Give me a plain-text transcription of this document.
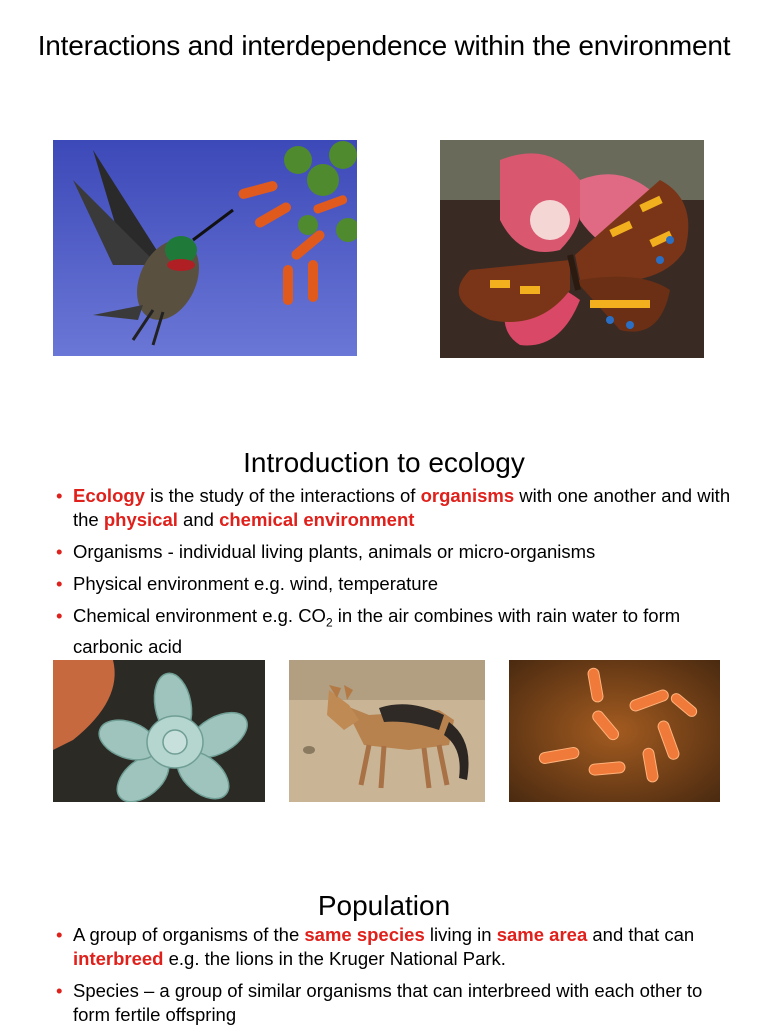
Interactions and interdependence within the environment
Introduction to ecology
• Ecology is the study of the interactions of organisms with one another and with the physical and chemical environment
• Organisms - individual living plants, animals or micro-organisms
• Physical environment e.g. wind, temperature
• Chemical environment e.g. $CO_2$ in the air combines with rain water to form carbonic acid
Population
• A group of organisms of the same species living in same area and that can interbreed e.g. the lions in the Kruger National Park.
• Species – a group of similar organisms that can interbreed with each other to form fertile offspring
